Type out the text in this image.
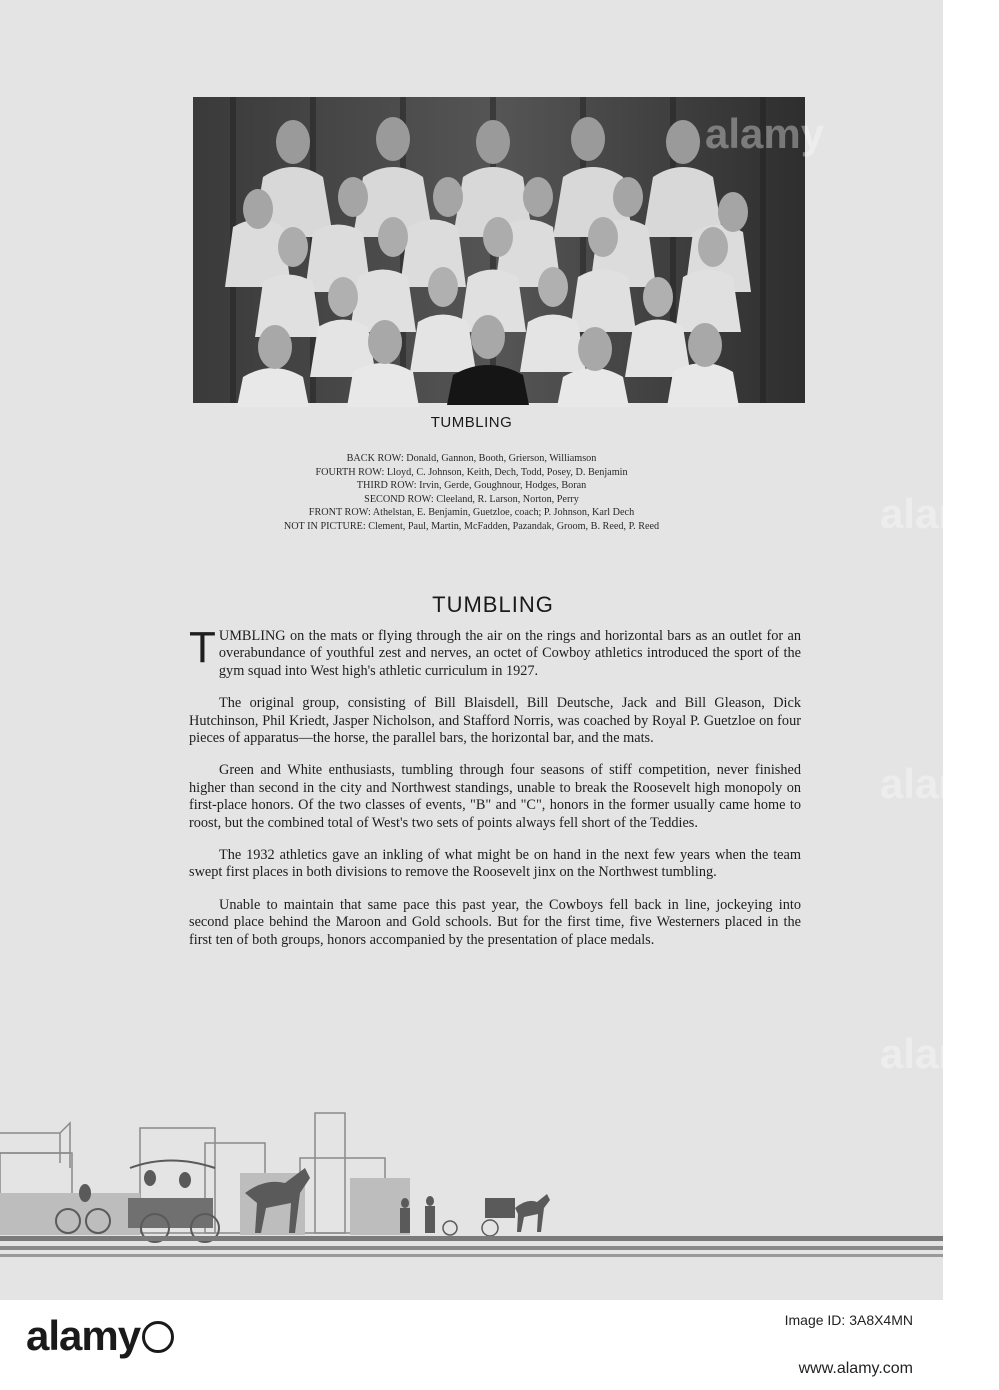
TUMBLING
BACK ROW: Donald, Gannon, Booth, Grierson, Williamson
FOURTH ROW: Lloyd, C. Johnson, Keith, Dech, Todd, Posey, D. Benjamin
THIRD ROW: Irvin, Gerde, Goughnour, Hodges, Boran
SECOND ROW: Cleeland, R. Larson, Norton, Perry
FRONT ROW: Athelstan, E. Benjamin, Guetzloe, coach; P. Johnson, Karl Dech
NOT IN PICTURE: Clement, Paul, Martin, McFadden, Pazandak, Groom, B. Reed, P. Reed
TUMBLING

TUMBLING on the mats or flying through the air on the rings and horizontal bars as an outlet for an overabundance of youthful zest and nerves, an octet of Cowboy athletics introduced the sport of the gym squad into West high's athletic curriculum in 1927.

The original group, consisting of Bill Blaisdell, Bill Deutsche, Jack and Bill Gleason, Dick Hutchinson, Phil Kriedt, Jasper Nicholson, and Stafford Norris, was coached by Royal P. Guetzloe on four pieces of apparatus—the horse, the parallel bars, the horizontal bar, and the mats.

Green and White enthusiasts, tumbling through four seasons of stiff competition, never finished higher than second in the city and Northwest standings, unable to break the Roosevelt high monopoly on first-place honors. Of the two classes of events, "B" and "C", honors in the former usually came home to roost, but the combined total of West's two sets of points always fell short of the Teddies.

The 1932 athletics gave an inkling of what might be on hand in the next few years when the team swept first places in both divisions to remove the Roosevelt jinx on the Northwest tumbling.

Unable to maintain that same pace this past year, the Cowboys fell back in line, jockeying into second place behind the Maroon and Gold schools. But for the first time, five Westerners placed in the first ten of both groups, honors accompanied by the presentation of place medals.

alamy
alamy
alamy
alamy
alamy	Image ID: 3A8X4MN
www.alamy.com
